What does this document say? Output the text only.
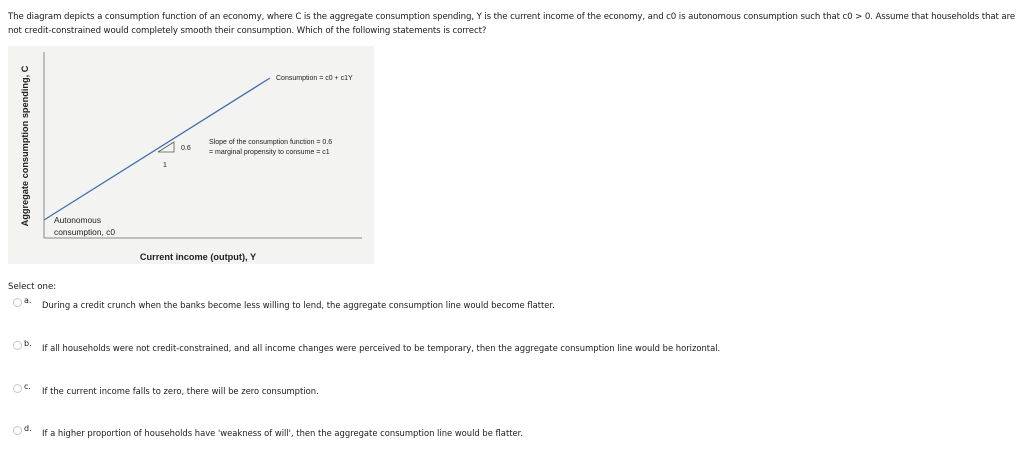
The diagram depicts a consumption function of an economy, where C is the aggregate consumption spending, Y is the current income of the economy, and c0 is autonomous consumption such that c0 > 0. Assume that households that are not credit-constrained would completely smooth their consumption. Which of the following statements is correct?
Aggregate consumption spending, C	Consumption = c0 + c1Y
0.6
1
Slope of the consumption function = 0.6
= marginal propensity to consume = c1
Autonomous
consumption, c0
Current income (output), Y
Select one:
a. During a credit crunch when the banks become less willing to lend, the aggregate consumption line would become flatter.
b. If all households were not credit-constrained, and all income changes were perceived to be temporary, then the aggregate consumption line would be horizontal.
c. If the current income falls to zero, there will be zero consumption.
d. If a higher proportion of households have 'weakness of will', then the aggregate consumption line would be flatter.
